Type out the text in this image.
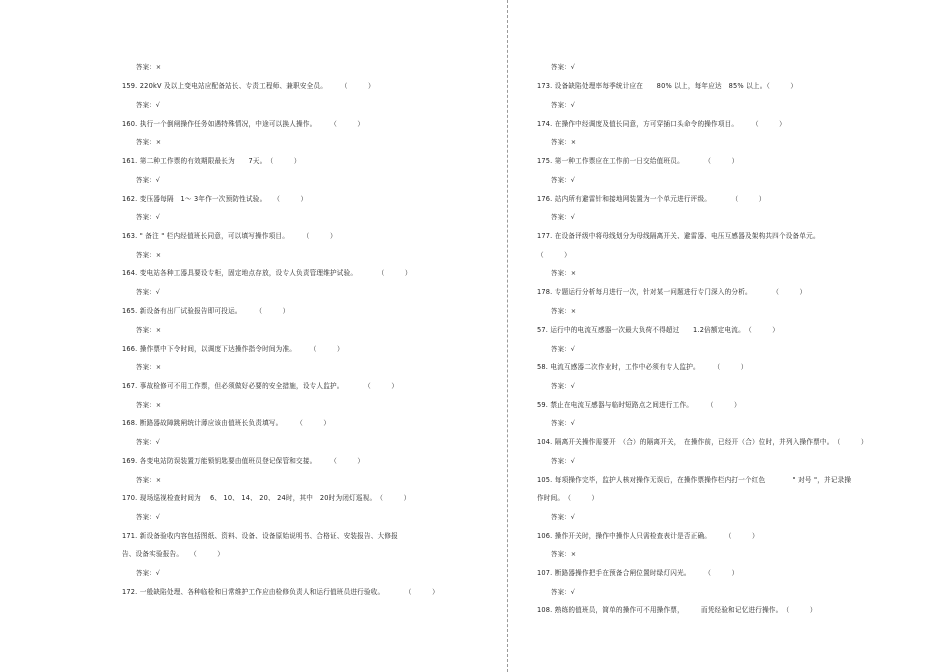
答案：×
159. 220kV 及以上变电站应配备站长、专责工程师、兼职安全员。　　　（　　　）
答案：√
160. 执行一个倒闸操作任务如遇特殊情况，中途可以换人操作。　　　（　　　）
答案：×
161. 第二种工作票的有效期限最长为　　7天。　（　　　）
答案：√
162. 变压器每隔　1～ 3年作一次预防性试验。　　（　　　）
答案：√
163. " 备注 " 栏内经值班长同意，可以填写操作项目。　　　（　　　）
答案：×
164. 变电站各种工器具要设专柜，固定地点存放，设专人负责管理维护试验。　　　　（　　　）
答案：√
165. 新设备有出厂试验报告即可投运。　　　（　　　）
答案：×
166. 操作票中下令时间，以调度下达操作指令时间为准。　　　（　　　）
答案：×
167. 事故检修可不用工作票，但必须做好必要的安全措施，设专人监护。　　　　（　　　）
答案：×
168. 断路器故障跳闸统计薄应该由值班长负责填写。　　　（　　　）
答案：√
169. 各变电站防误装置万能锁钥匙要由值班员登记保管和交接。　　　（　　　）
答案：×
170. 现场巡视检查时间为　 6、 10、 14、 20、 24时，其中　20时为闭灯巡视。　（　　　）
答案：√
171. 新设备验收内容包括图纸、资料、设备、设备原始说明书、合格证、安装报告、大修报
告、设备实验报告。　　（　　　）
答案：√
172. 一般缺陷处理、各种临检和日常维护工作应由检修负责人和运行值班员进行验收。　　　　（　　　）
答案：√
173. 设备缺陷处理率每季统计应在　　80% 以上，每年应达　85% 以上。（　　　）
答案：√
174. 在操作中经调度及值长同意，方可穿插口头命令的操作项目。　　　（　　　）
答案：×
175. 第一种工作票应在工作前一日交给值班员。　　　　（　　　）
答案：√
176. 站内所有避雷针和接地网装置为一个单元进行评级。　　　　（　　　）
答案：√
177. 在设备评级中将母线划分为母线隔离开关、避雷器、电压互感器及架构共四个设备单元。
（　　　）
答案：×
178. 专题运行分析每月进行一次，针对某一问题进行专门深入的分析。　　　　（　　　）
答案：×
57. 运行中的电流互感器一次最大负荷不得超过　　1.2倍额定电流。　（　　　）
答案：√
58. 电流互感器二次作业时，工作中必须有专人监护。　　　（　　　）
答案：√
59. 禁止在电流互感器与临时短路点之间进行工作。　　　（　　　）
答案：√
104. 隔离开关操作需要开　（合）的隔离开关，　在操作前，已经开（合）位时，并列入操作票中。　（　　　）
答案：√
105. 每项操作完毕，监护人核对操作无误后，在操作票操作栏内打一个红色　　　　" 对号 "，并记录操
作时间。　（　　　）
答案：√
106. 操作开关时，操作中操作人只需检查表计是否正确。　　　（　　　）
答案：×
107. 断路器操作把手在预备合闸位置时绿灯闪光。　　　（　　　）
答案：√
108. 熟练的值班员，简单的操作可不用操作票，　　　而凭经验和记忆进行操作。　（　　　）
